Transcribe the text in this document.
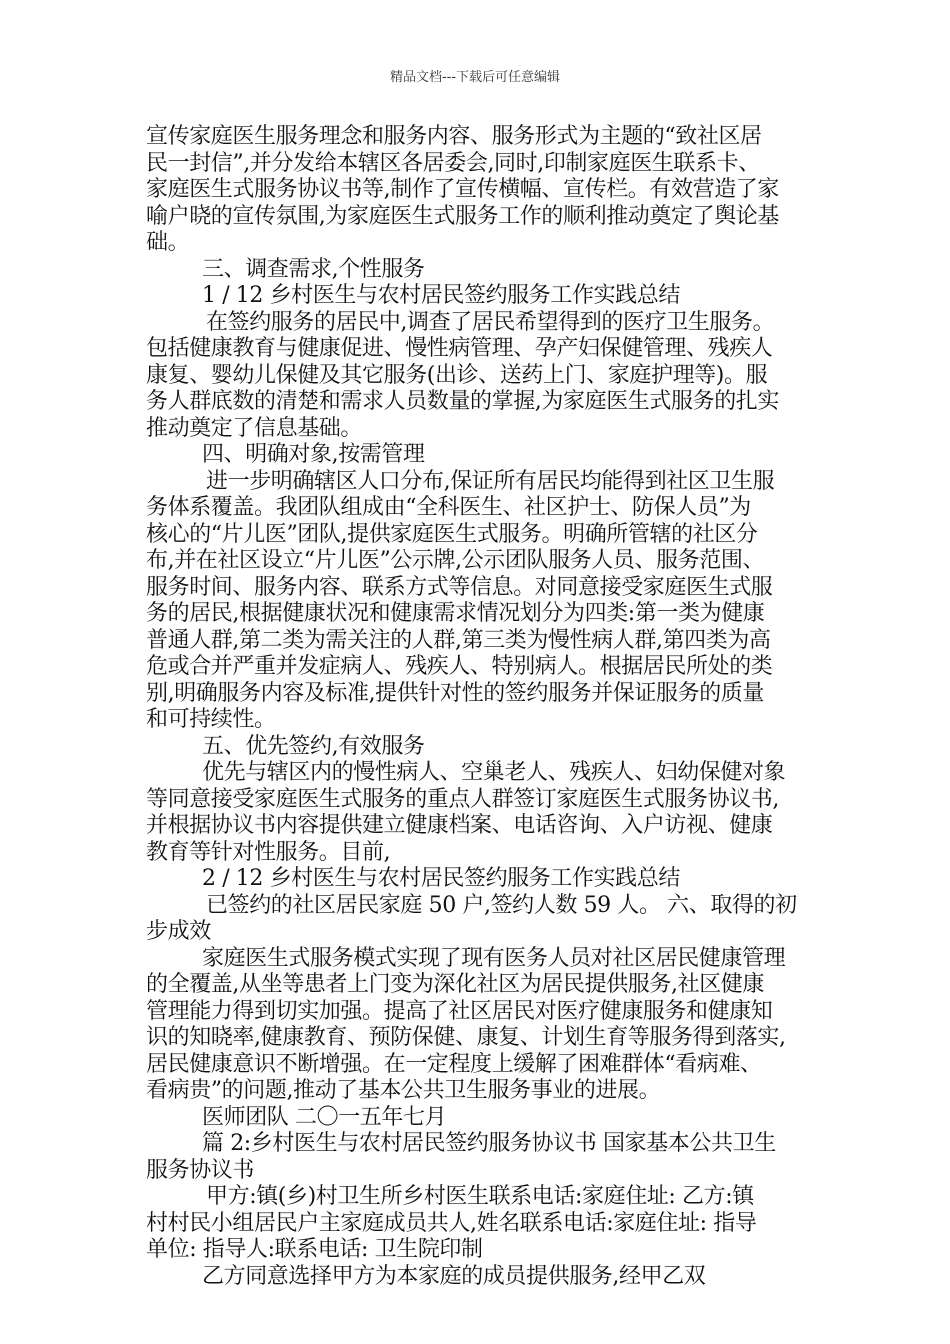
精品文档---下载后可任意编辑
宣传家庭医生服务理念和服务内容、服务形式为主题的“致社区居
民一封信”,并分发给本辖区各居委会,同时,印制家庭医生联系卡、
家庭医生式服务协议书等,制作了宣传横幅、宣传栏。有效营造了家
喻户晓的宣传氛围,为家庭医生式服务工作的顺利推动奠定了舆论基
础。
三、调查需求,个性服务
1 / 12 乡村医生与农村居民签约服务工作实践总结
在签约服务的居民中,调查了居民希望得到的医疗卫生服务。
包括健康教育与健康促进、慢性病管理、孕产妇保健管理、残疾人
康复、婴幼儿保健及其它服务(出诊、送药上门、家庭护理等)。服
务人群底数的清楚和需求人员数量的掌握,为家庭医生式服务的扎实
推动奠定了信息基础。
四、明确对象,按需管理
进一步明确辖区人口分布,保证所有居民均能得到社区卫生服
务体系覆盖。我团队组成由“全科医生、社区护士、防保人员”为
核心的“片儿医”团队,提供家庭医生式服务。明确所管辖的社区分
布,并在社区设立“片儿医”公示牌,公示团队服务人员、服务范围、
服务时间、服务内容、联系方式等信息。对同意接受家庭医生式服
务的居民,根据健康状况和健康需求情况划分为四类:第一类为健康
普通人群,第二类为需关注的人群,第三类为慢性病人群,第四类为高
危或合并严重并发症病人、残疾人、特别病人。根据居民所处的类
别,明确服务内容及标准,提供针对性的签约服务并保证服务的质量
和可持续性。
五、优先签约,有效服务
优先与辖区内的慢性病人、空巢老人、残疾人、妇幼保健对象
等同意接受家庭医生式服务的重点人群签订家庭医生式服务协议书,
并根据协议书内容提供建立健康档案、电话咨询、入户访视、健康
教育等针对性服务。目前,
2 / 12 乡村医生与农村居民签约服务工作实践总结
已签约的社区居民家庭 50 户,签约人数 59 人。 六、取得的初
步成效
家庭医生式服务模式实现了现有医务人员对社区居民健康管理
的全覆盖,从坐等患者上门变为深化社区为居民提供服务,社区健康
管理能力得到切实加强。提高了社区居民对医疗健康服务和健康知
识的知晓率,健康教育、预防保健、康复、计划生育等服务得到落实,
居民健康意识不断增强。在一定程度上缓解了困难群体“看病难、
看病贵”的问题,推动了基本公共卫生服务事业的进展。
医师团队 二〇一五年七月
篇 2:乡村医生与农村居民签约服务协议书 国家基本公共卫生
服务协议书
甲方:镇(乡)村卫生所乡村医生联系电话:家庭住址: 乙方:镇
村村民小组居民户主家庭成员共人,姓名联系电话:家庭住址: 指导
单位: 指导人:联系电话: 卫生院印制
乙方同意选择甲方为本家庭的成员提供服务,经甲乙双
